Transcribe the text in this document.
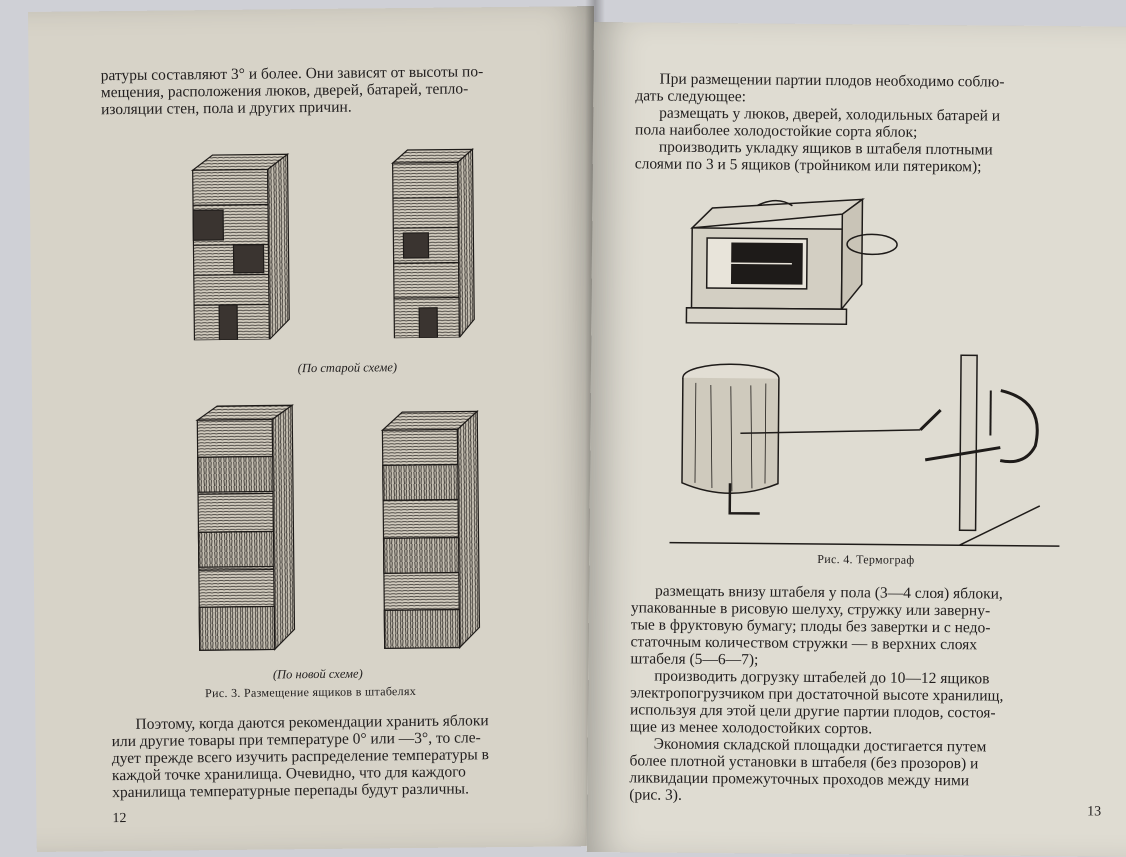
ратуры составляют 3° и более. Они зависят от высоты по-

мещения, расположения люков, дверей, батарей, тепло-

изоляции стен, пола и других причин.

(По старой схеме)
(По новой схеме)
Рис. 3. Размещение ящиков в штабелях

Поэтому, когда даются рекомендации хранить яблоки

или другие товары при температуре 0° или —3°, то сле-

дует прежде всего изучить распределение температуры в

каждой точке хранилища. Очевидно, что для каждого

хранилища температурные перепады будут различны.

12

При размещении партии плодов необходимо соблю-

дать следующее:

размещать у люков, дверей, холодильных батарей и

пола наиболее холодостойкие сорта яблок;

производить укладку ящиков в штабеля плотными

слоями по 3 и 5 ящиков (тройником или пятериком);

Рис. 4. Термограф

размещать внизу штабеля у пола (3—4 слоя) яблоки,

упакованные в рисовую шелуху, стружку или заверну-

тые в фруктовую бумагу; плоды без завертки и с недо-

статочным количеством стружки — в верхних слоях

штабеля (5—6—7);

производить догрузку штабелей до 10—12 ящиков

электропогрузчиком при достаточной высоте хранилищ,

используя для этой цели другие партии плодов, состоя-

щие из менее холодостойких сортов.

Экономия складской площадки достигается путем

более плотной установки в штабеля (без прозоров) и

ликвидации промежуточных проходов между ними

(рис. 3).

13
